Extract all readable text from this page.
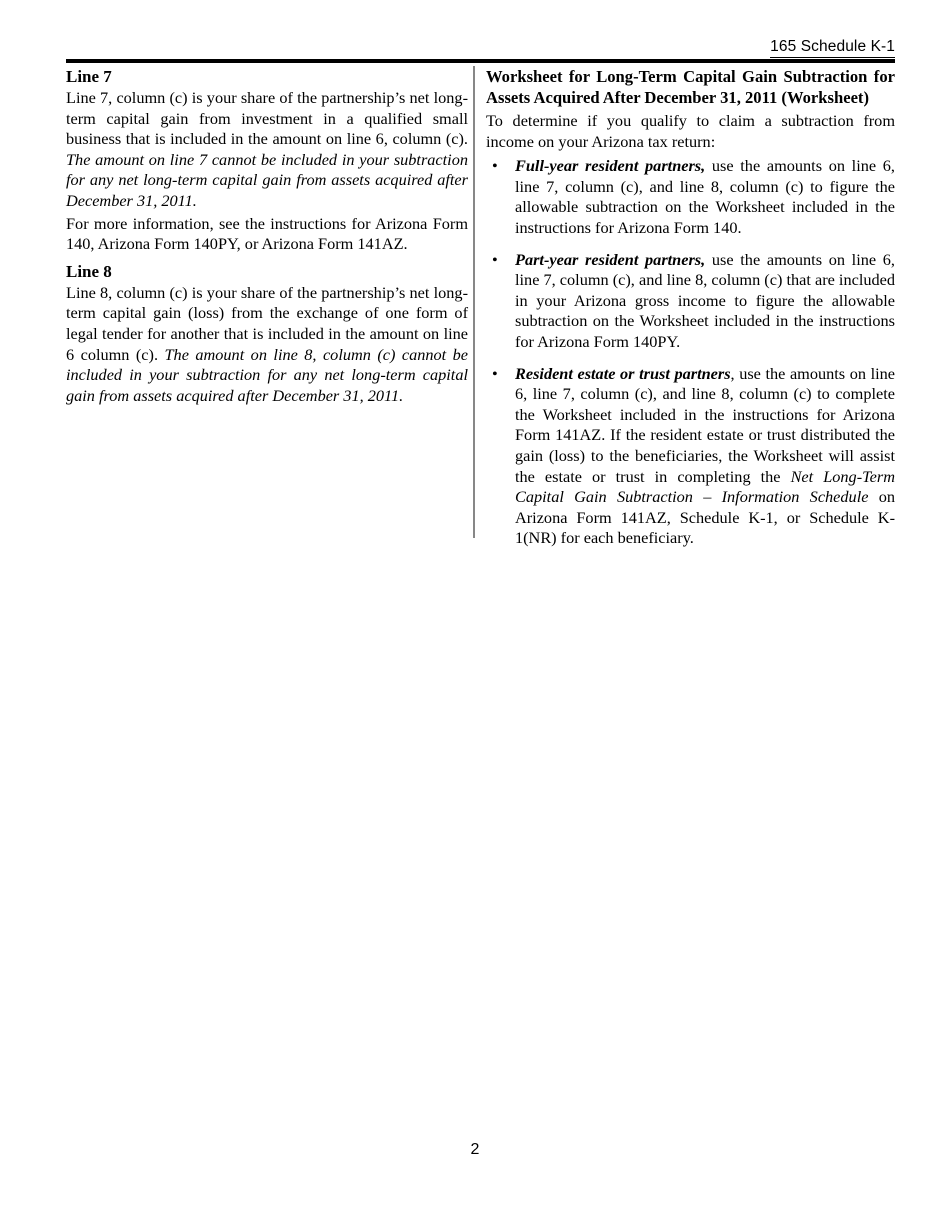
165 Schedule K-1
Line 7

Line 7, column (c) is your share of the partnership’s net long-term capital gain from investment in a qualified small business that is included in the amount on line 6, column (c). The amount on line 7 cannot be included in your subtraction for any net long-term capital gain from assets acquired after December 31, 2011.

For more information, see the instructions for Arizona Form 140, Arizona Form 140PY, or Arizona Form 141AZ.

Line 8

Line 8, column (c) is your share of the partnership’s net long-term capital gain (loss) from the exchange of one form of legal tender for another that is included in the amount on line 6 column (c). The amount on line 8, column (c) cannot be included in your subtraction for any net long-term capital gain from assets acquired after December 31, 2011.

Worksheet for Long-Term Capital Gain Subtraction for Assets Acquired After December 31, 2011 (Worksheet)

To determine if you qualify to claim a subtraction from income on your Arizona tax return:

• Full-year resident partners, use the amounts on line 6, line 7, column (c), and line 8, column (c) to figure the allowable subtraction on the Worksheet included in the instructions for Arizona Form 140.
• Part-year resident partners, use the amounts on line 6, line 7, column (c), and line 8, column (c) that are included in your Arizona gross income to figure the allowable subtraction on the Worksheet included in the instructions for Arizona Form 140PY.
• Resident estate or trust partners, use the amounts on line 6, line 7, column (c), and line 8, column (c) to complete the Worksheet included in the instructions for Arizona Form 141AZ. If the resident estate or trust distributed the gain (loss) to the beneficiaries, the Worksheet will assist the estate or trust in completing the Net Long-Term Capital Gain Subtraction – Information Schedule on Arizona Form 141AZ, Schedule K-1, or Schedule K-1(NR) for each beneficiary.
2
